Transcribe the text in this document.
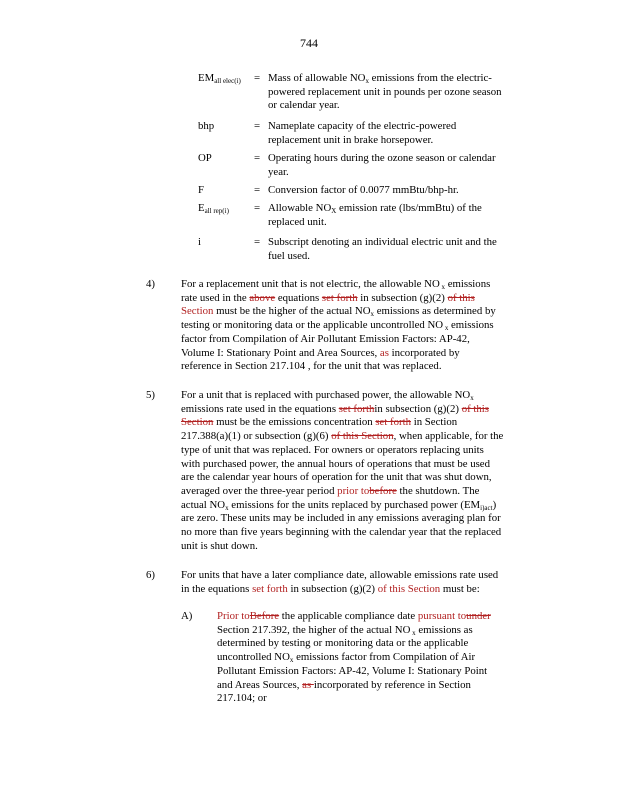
744
$EM_{all elec(i)}$ = Mass of allowable $NO_x$ emissions from the electric-

powered replacement unit in pounds per ozone season

or calendar year.

bhp	= Nameplate capacity of the electric-powered

replacement unit in brake horsepower.

OP	= Operating hours during the ozone season or calendar

year.

F	= Conversion factor of 0.0077 mmBtu/bhp-hr.

$E_{all rep(i)}$ = Allowable $NO_X$ emission rate (lbs/mmBtu) of the

replaced unit.

i	= Subscript denoting an individual electric unit and the

fuel used.

4) For a replacement unit that is not electric, the allowable NO $_x$ emissions

rate used in the above equations set forth in subsection (g)(2) of this

Section must be the higher of the actual $NO_x$ emissions as determined by

testing or monitoring data or the applicable uncontrolled NO $_x$ emissions

factor from Compilation of Air Pollutant Emission Factors: AP-42,

Volume I: Stationary Point and Area Sources, as incorporated by

reference in Section 217.104 , for the unit that was replaced.

5) For a unit that is replaced with purchased power, the allowable $NO_x$

emissions rate used in the equations set forthin subsection (g)(2) of this

Section must be the emissions concentration set forth in Section

217.388(a)(1) or subsection (g)(6) of this Section, when applicable, for the

type of unit that was replaced. For owners or operators replacing units

with purchased power, the annual hours of operations that must be used

are the calendar year hours of operation for the unit that was shut down,

averaged over the three-year period prior tobefore the shutdown. The

actual $NO_x$ emissions for the units replaced by purchased power $(EM_{i)act})$

are zero. These units may be included in any emissions averaging plan for

no more than five years beginning with the calendar year that the replaced

unit is shut down.

6) For units that have a later compliance date, allowable emissions rate used

in the equations set forth in subsection (g)(2) of this Section must be:

A) Prior toBefore the applicable compliance date pursuant tounder

Section 217.392, the higher of the actual NO $_x$ emissions as

determined by testing or monitoring data or the applicable

uncontrolled $NO_x$ emissions factor from Compilation of Air

Pollutant Emission Factors: AP-42, Volume I: Stationary Point

and Areas Sources, as incorporated by reference in Section

217.104; or
